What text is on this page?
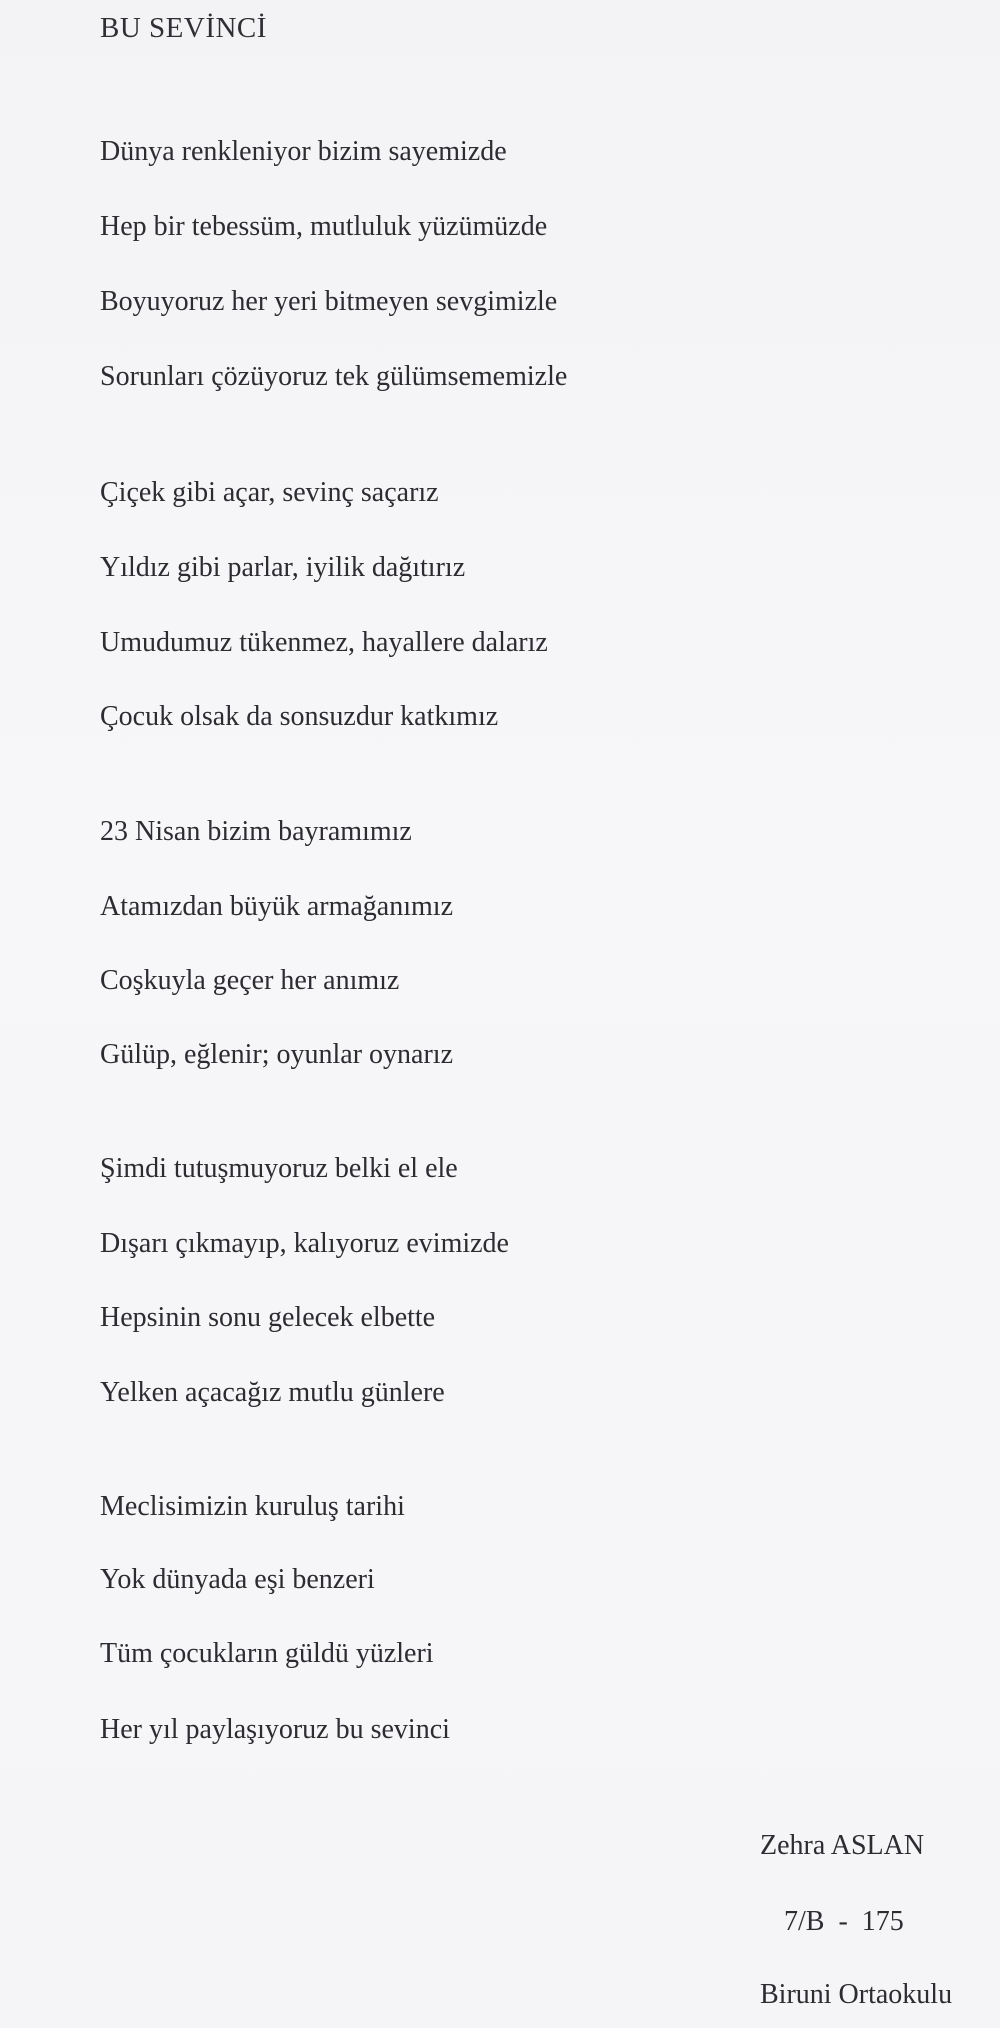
BU SEVİNCİ
Dünya renkleniyor bizim sayemizde
Hep bir tebessüm, mutluluk yüzümüzde
Boyuyoruz her yeri bitmeyen sevgimizle
Sorunları çözüyoruz tek gülümsememizle
Çiçek gibi açar, sevinç saçarız
Yıldız gibi parlar, iyilik dağıtırız
Umudumuz tükenmez, hayallere dalarız
Çocuk olsak da sonsuzdur katkımız
23 Nisan bizim bayramımız
Atamızdan büyük armağanımız
Coşkuyla geçer her anımız
Gülüp, eğlenir; oyunlar oynarız
Şimdi tutuşmuyoruz belki el ele
Dışarı çıkmayıp, kalıyoruz evimizde
Hepsinin sonu gelecek elbette
Yelken açacağız mutlu günlere
Meclisimizin kuruluş tarihi
Yok dünyada eşi benzeri
Tüm çocukların güldü yüzleri
Her yıl paylaşıyoruz bu sevinci
Zehra ASLAN
7/B  -  175
Biruni Ortaokulu
